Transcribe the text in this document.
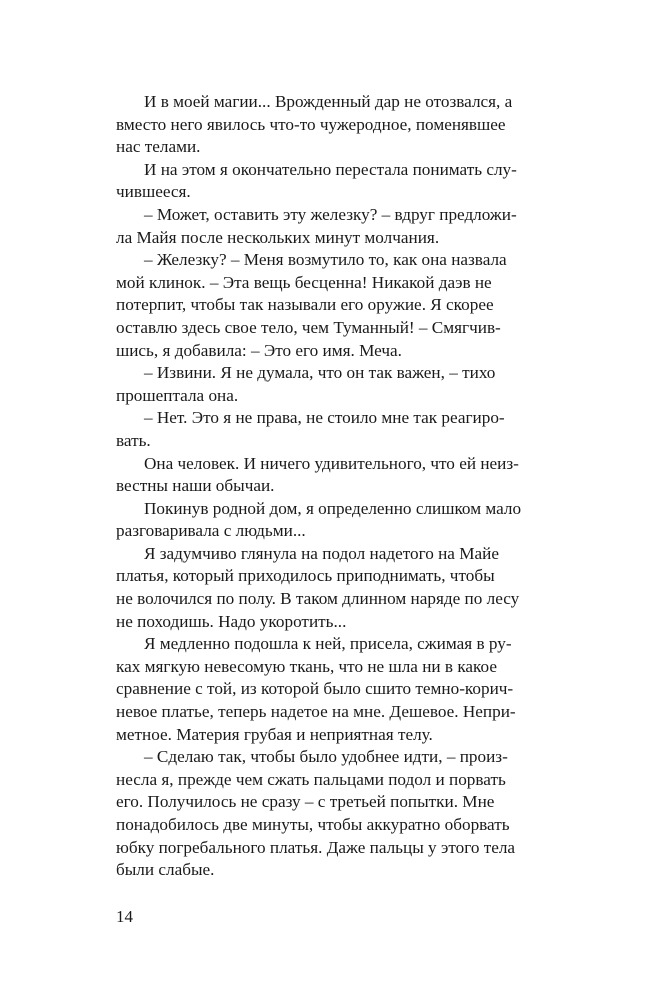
И в моей магии... Врожденный дар не отозвался, а
вместо него явилось что-то чужеродное, поменявшее
нас телами.

И на этом я окончательно перестала понимать слу-
чившееся.

– Может, оставить эту железку? – вдруг предложи-
ла Майя после нескольких минут молчания.

– Железку? – Меня возмутило то, как она назвала
мой клинок. – Эта вещь бесценна! Никакой даэв не
потерпит, чтобы так называли его оружие. Я скорее
оставлю здесь свое тело, чем Туманный! – Смягчив-
шись, я добавила: – Это его имя. Меча.

– Извини. Я не думала, что он так важен, – тихо
прошептала она.

– Нет. Это я не права, не стоило мне так реагиро-
вать.

Она человек. И ничего удивительного, что ей неиз-
вестны наши обычаи.

Покинув родной дом, я определенно слишком мало
разговаривала с людьми...

Я задумчиво глянула на подол надетого на Майе
платья, который приходилось приподнимать, чтобы
не волочился по полу. В таком длинном наряде по лесу
не походишь. Надо укоротить...

Я медленно подошла к ней, присела, сжимая в ру-
ках мягкую невесомую ткань, что не шла ни в какое
сравнение с той, из которой было сшито темно-корич-
невое платье, теперь надетое на мне. Дешевое. Непри-
метное. Материя грубая и неприятная телу.

– Сделаю так, чтобы было удобнее идти, – произ-
несла я, прежде чем сжать пальцами подол и порвать
его. Получилось не сразу – с третьей попытки. Мне
понадобилось две минуты, чтобы аккуратно оборвать
юбку погребального платья. Даже пальцы у этого тела
были слабые.

14
